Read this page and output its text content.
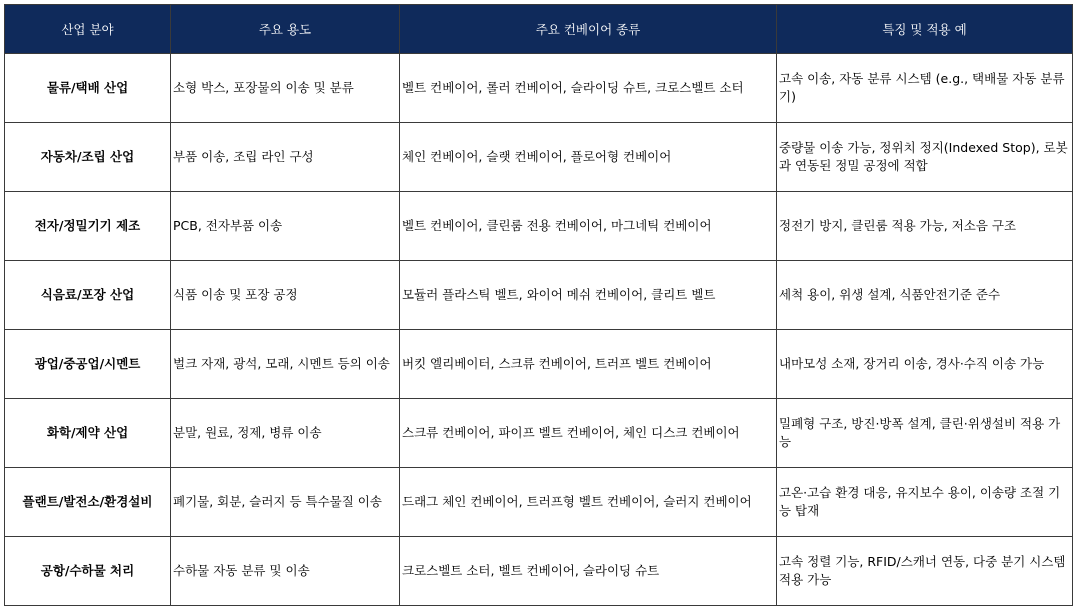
산업 분야	주요 용도	주요 컨베이어 종류	특징 및 적용 예
물류/택배 산업	소형 박스, 포장물의 이송 및 분류	벨트 컨베이어, 롤러 컨베이어, 슬라이딩 슈트, 크로스벨트 소터	고속 이송, 자동 분류 시스템 (e.g., 택배물 자동 분류기)
자동차/조립 산업	부품 이송, 조립 라인 구성	체인 컨베이어, 슬랫 컨베이어, 플로어형 컨베이어	중량물 이송 가능, 정위치 정지(Indexed Stop), 로봇과 연동된 정밀 공정에 적합
전자/정밀기기 제조	PCB, 전자부품 이송	벨트 컨베이어, 클린룸 전용 컨베이어, 마그네틱 컨베이어	정전기 방지, 클린룸 적용 가능, 저소음 구조
식음료/포장 산업	식품 이송 및 포장 공정	모듈러 플라스틱 벨트, 와이어 메쉬 컨베이어, 클리트 벨트	세척 용이, 위생 설계, 식품안전기준 준수
광업/중공업/시멘트	벌크 자재, 광석, 모래, 시멘트 등의 이송	버킷 엘리베이터, 스크류 컨베이어, 트러프 벨트 컨베이어	내마모성 소재, 장거리 이송, 경사·수직 이송 가능
화학/제약 산업	분말, 원료, 정제, 병류 이송	스크류 컨베이어, 파이프 벨트 컨베이어, 체인 디스크 컨베이어	밀폐형 구조, 방진·방폭 설계, 클린·위생설비 적용 가능
플랜트/발전소/환경설비	폐기물, 회분, 슬러지 등 특수물질 이송	드래그 체인 컨베이어, 트러프형 벨트 컨베이어, 슬러지 컨베이어	고온·고습 환경 대응, 유지보수 용이, 이송량 조절 기능 탑재
공항/수하물 처리	수하물 자동 분류 및 이송	크로스벨트 소터, 벨트 컨베이어, 슬라이딩 슈트	고속 정렬 기능, RFID/스캐너 연동, 다중 분기 시스템 적용 가능
